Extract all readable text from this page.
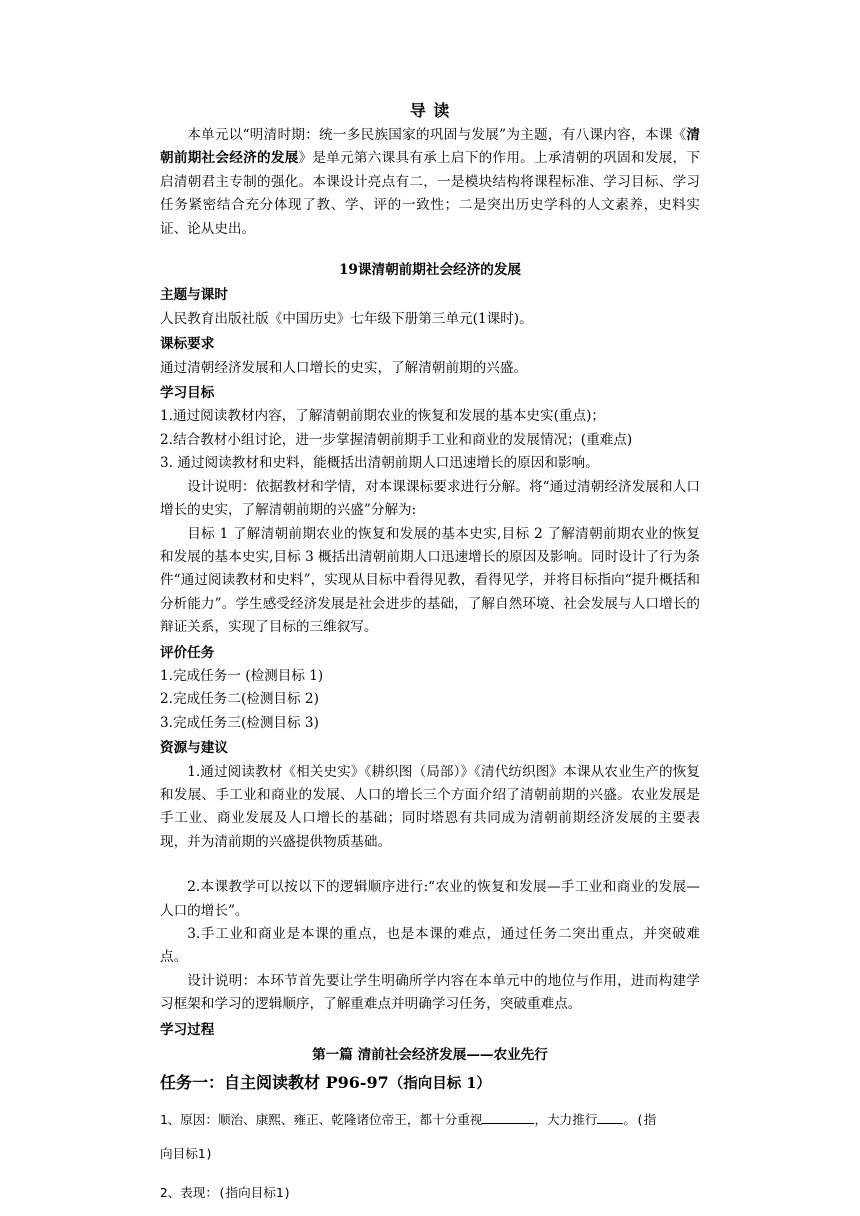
导 读

本单元以“明清时期：统一多民族国家的巩固与发展”为主题，有八课内容，本课《清朝前期社会经济的发展》是单元第六课具有承上启下的作用。上承清朝的巩固和发展，下启清朝君主专制的强化。本课设计亮点有二，一是模块结构将课程标准、学习目标、学习任务紧密结合充分体现了教、学、评的一致性；二是突出历史学科的人文素养，史料实证、论从史出。

19课清朝前期社会经济的发展
主题与课时

人民教育出版社版《中国历史》七年级下册第三单元(1课时)。

课标要求

通过清朝经济发展和人口增长的史实，了解清朝前期的兴盛。

学习目标

1.通过阅读教材内容，了解清朝前期农业的恢复和发展的基本史实(重点)；

2.结合教材小组讨论，进一步掌握清朝前期手工业和商业的发展情况；(重难点)

3. 通过阅读教材和史料，能概括出清朝前期人口迅速增长的原因和影响。

设计说明：依据教材和学情，对本课课标要求进行分解。将“通过清朝经济发展和人口增长的史实，了解清朝前期的兴盛”分解为:

目标 1 了解清朝前期农业的恢复和发展的基本史实,目标 2 了解清朝前期农业的恢复和发展的基本史实,目标 3 概括出清朝前期人口迅速增长的原因及影响。同时设计了行为条件“通过阅读教材和史料”，实现从目标中看得见教，看得见学，并将目标指向“提升概括和分析能力”。学生感受经济发展是社会进步的基础，了解自然环境、社会发展与人口增长的辩证关系，实现了目标的三维叙写。

评价任务

1.完成任务一 (检测目标 1)

2.完成任务二(检测目标 2)

3.完成任务三(检测目标 3)

资源与建议

1.通过阅读教材《相关史实》《耕织图（局部）》《清代纺织图》本课从农业生产的恢复和发展、手工业和商业的发展、人口的增长三个方面介绍了清朝前期的兴盛。农业发展是手工业、商业发展及人口增长的基础；同时塔恩有共同成为清朝前期经济发展的主要表现，并为清前期的兴盛提供物质基础。

2.本课教学可以按以下的逻辑顺序进行:“农业的恢复和发展—手工业和商业的发展—人口的增长”。

3.手工业和商业是本课的重点，也是本课的难点，通过任务二突出重点，并突破难点。

设计说明：本环节首先要让学生明确所学内容在本单元中的地位与作用，进而构建学习框架和学习的逻辑顺序，了解重难点并明确学习任务，突破重难点。

学习过程
第一篇 清前社会经济发展——农业先行
任务一：自主阅读教材 P96-97（指向目标 1）
1、原因：顺治、康熙、雍正、乾隆诸位帝王，都十分重视	，大力推行 。(指
向目标1)
2、表现：(指向目标1)
